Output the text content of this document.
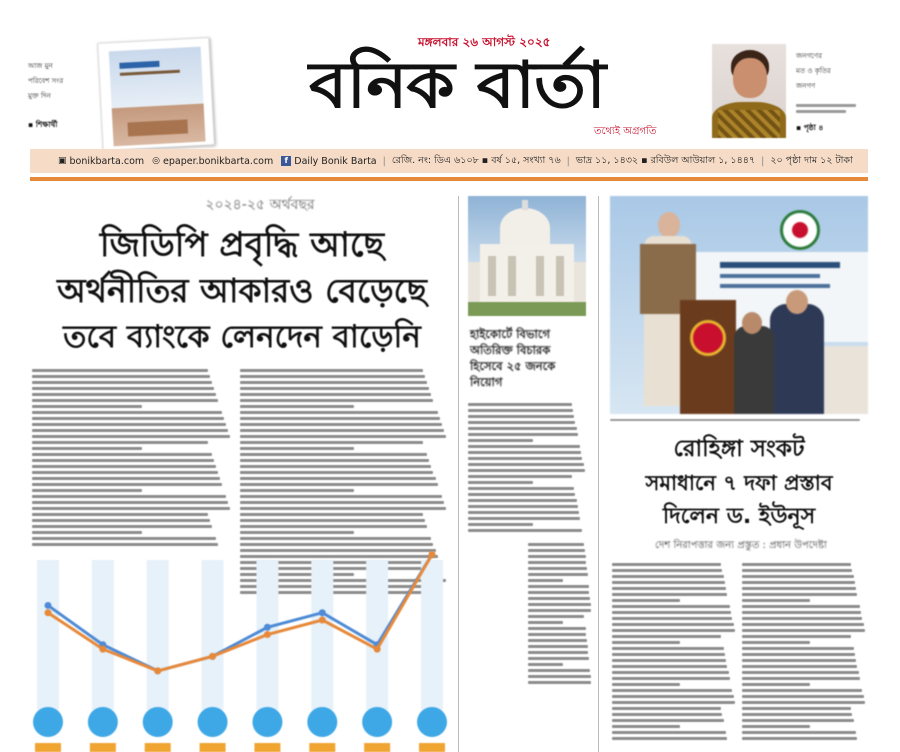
আজ মুন
পরিবেশ সংর
মুক্ত দিন
▪ শিক্ষার্থী
মঙ্গলবার ২৬ আগস্ট ২০২৫
বনিক বার্তা
তথ্যেই অগ্রগতি
জনগণের
মত ও কৃতির
জনগণ
▪ পৃষ্ঠা ৪
▣ bonikbarta.com ◎ epaper.bonikbarta.com	f Daily Bonik Barta | রেজি. নং: ডিএ ৬১০৮ ▪ বর্ষ ১৫, সংখ্যা ৭৬ | ভাদ্র ১১, ১৪৩২ ▪ রবিউল আউয়াল ১, ১৪৪৭ | ২০ পৃষ্ঠা দাম ১২ টাকা
২০২৪-২৫ অর্থবছর
জিডিপি প্রবৃদ্ধি আছে
অর্থনীতির আকারও বেড়েছে
তবে ব্যাংকে লেনদেন বাড়েনি	হাইকোর্টে বিভাগে অতিরিক্ত বিচারক হিসেবে ২৫ জনকে নিয়োগ
রোহিঙ্গা সংকট
সমাধানে ৭ দফা প্রস্তাব
দিলেন ড. ইউনূস
দেশ নিরাপত্তার জন্য প্রস্তুত : প্রধান উপদেষ্টা
